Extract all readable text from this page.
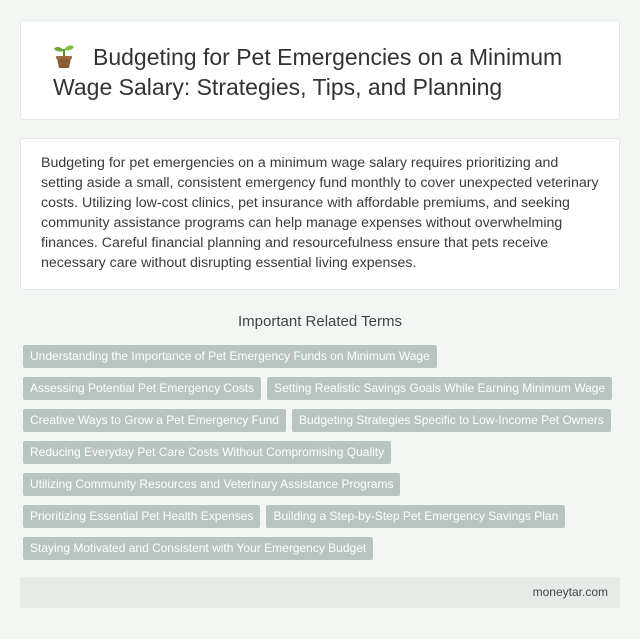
Budgeting for Pet Emergencies on a Minimum Wage Salary: Strategies, Tips, and Planning

Budgeting for pet emergencies on a minimum wage salary requires prioritizing and setting aside a small, consistent emergency fund monthly to cover unexpected veterinary costs. Utilizing low-cost clinics, pet insurance with affordable premiums, and seeking community assistance programs can help manage expenses without overwhelming finances. Careful financial planning and resourcefulness ensure that pets receive necessary care without disrupting essential living expenses.

Important Related Terms
Understanding the Importance of Pet Emergency Funds on Minimum Wage
Assessing Potential Pet Emergency Costs	Setting Realistic Savings Goals While Earning Minimum Wage
Creative Ways to Grow a Pet Emergency Fund	Budgeting Strategies Specific to Low-Income Pet Owners
Reducing Everyday Pet Care Costs Without Compromising Quality
Utilizing Community Resources and Veterinary Assistance Programs
Prioritizing Essential Pet Health Expenses	Building a Step-by-Step Pet Emergency Savings Plan
Staying Motivated and Consistent with Your Emergency Budget
moneytar.com
